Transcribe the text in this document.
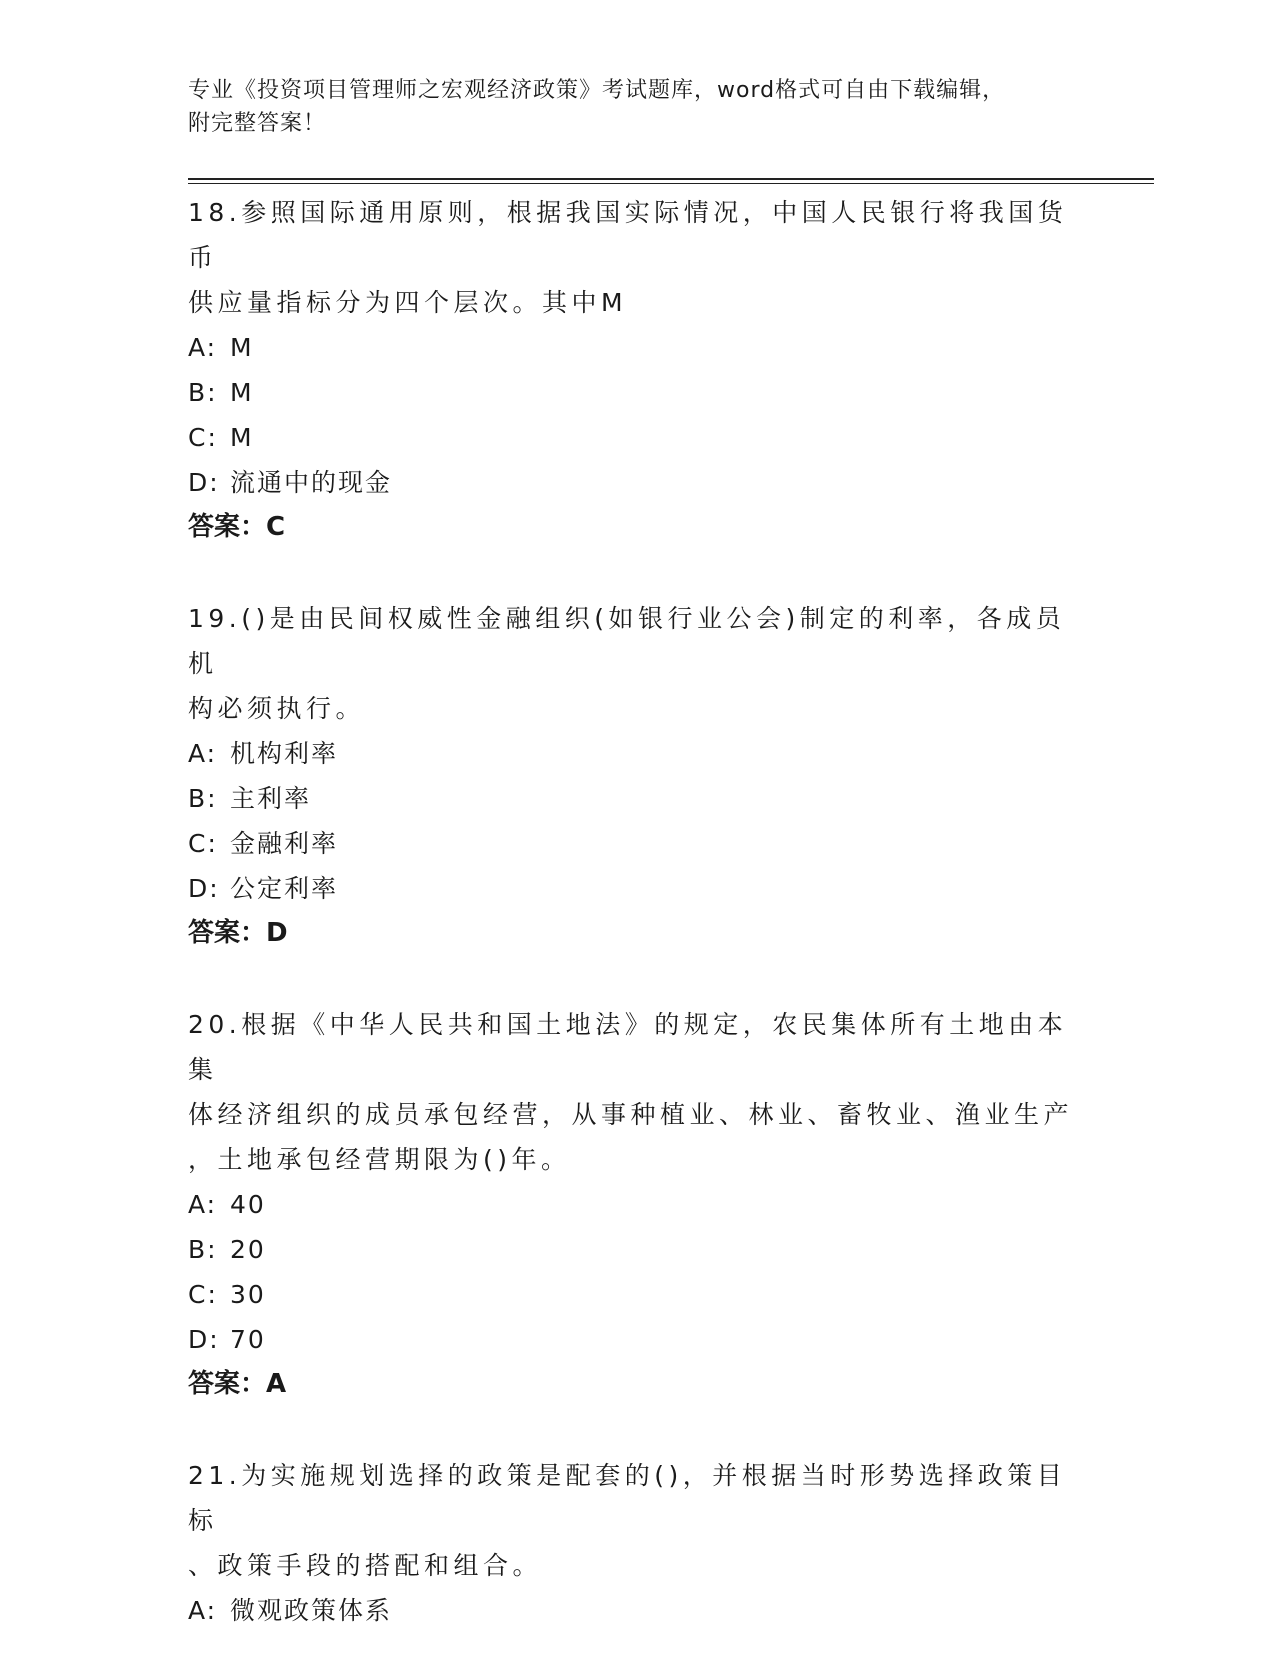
专业《投资项目管理师之宏观经济政策》考试题库，word格式可自由下载编辑，
附完整答案！

18.参照国际通用原则，根据我国实际情况，中国人民银行将我国货币

供应量指标分为四个层次。其中M

A: M

B: M

C: M

D: 流通中的现金

答案：C

19.()是由民间权威性金融组织(如银行业公会)制定的利率，各成员机

构必须执行。

A: 机构利率

B: 主利率

C: 金融利率

D: 公定利率

答案：D

20.根据《中华人民共和国土地法》的规定，农民集体所有土地由本集

体经济组织的成员承包经营，从事种植业、林业、畜牧业、渔业生产

，土地承包经营期限为()年。

A: 40

B: 20

C: 30

D: 70

答案：A

21.为实施规划选择的政策是配套的()，并根据当时形势选择政策目标

、政策手段的搭配和组合。

A: 微观政策体系
